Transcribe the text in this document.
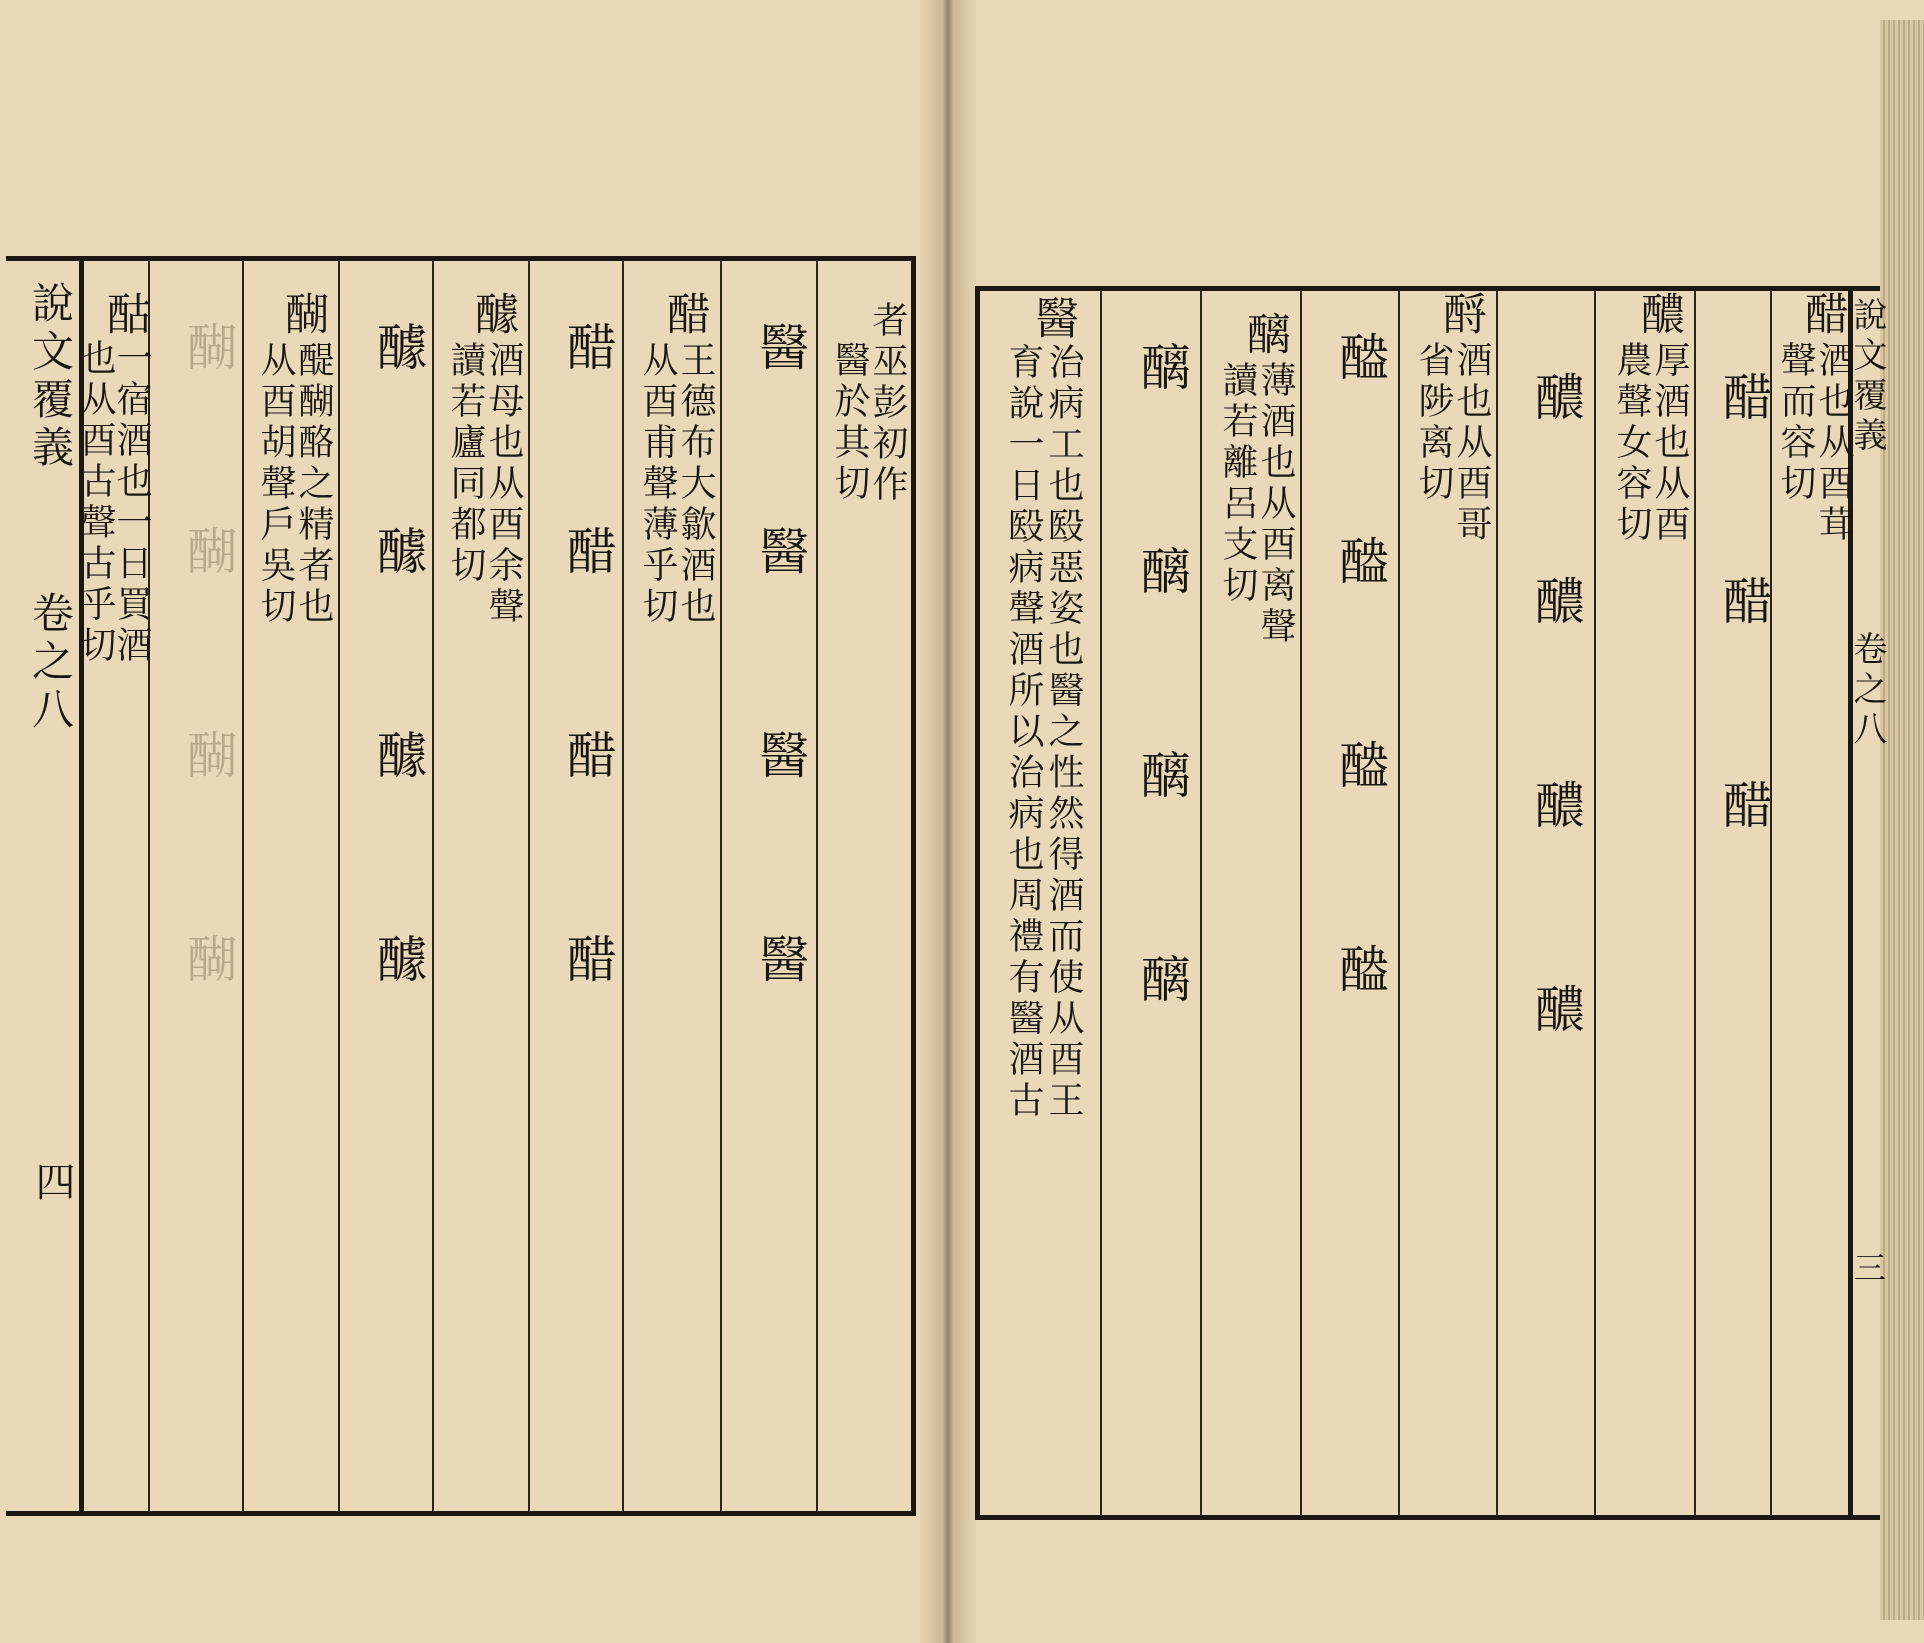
說文覆義
卷之八
四
酤
一宿酒也一日買酒
也从酉古聲古乎切 醐 醐 醐 醐
醐
醍醐酪之精者也
从酉胡聲戶吳切 醵 醵 醵 醵
醵
酒母也从酉余聲
讀若廬同都切 醋 醋 醋 醋
醋
王德布大歙酒也
从酉甫聲薄乎切 醫 醫 醫 醫 者巫彭初作
醫於其切
醫
治病工也殹惡姿也醫之性然得酒而使从酉王
育說一日殹病聲酒所以治病也周禮有醫酒古 醨 醨 醨 醨
醨
薄酒也从酉离聲
讀若離呂支切 醠 醠 醠 醠
酹
酒也从酉哥
省陟离切 醲 醲 醲 醲
醲
厚酒也从酉
農聲女容切 醋 醋 醋
醋
酒也从酉茸
聲而容切 說文覆義
卷之八
三
